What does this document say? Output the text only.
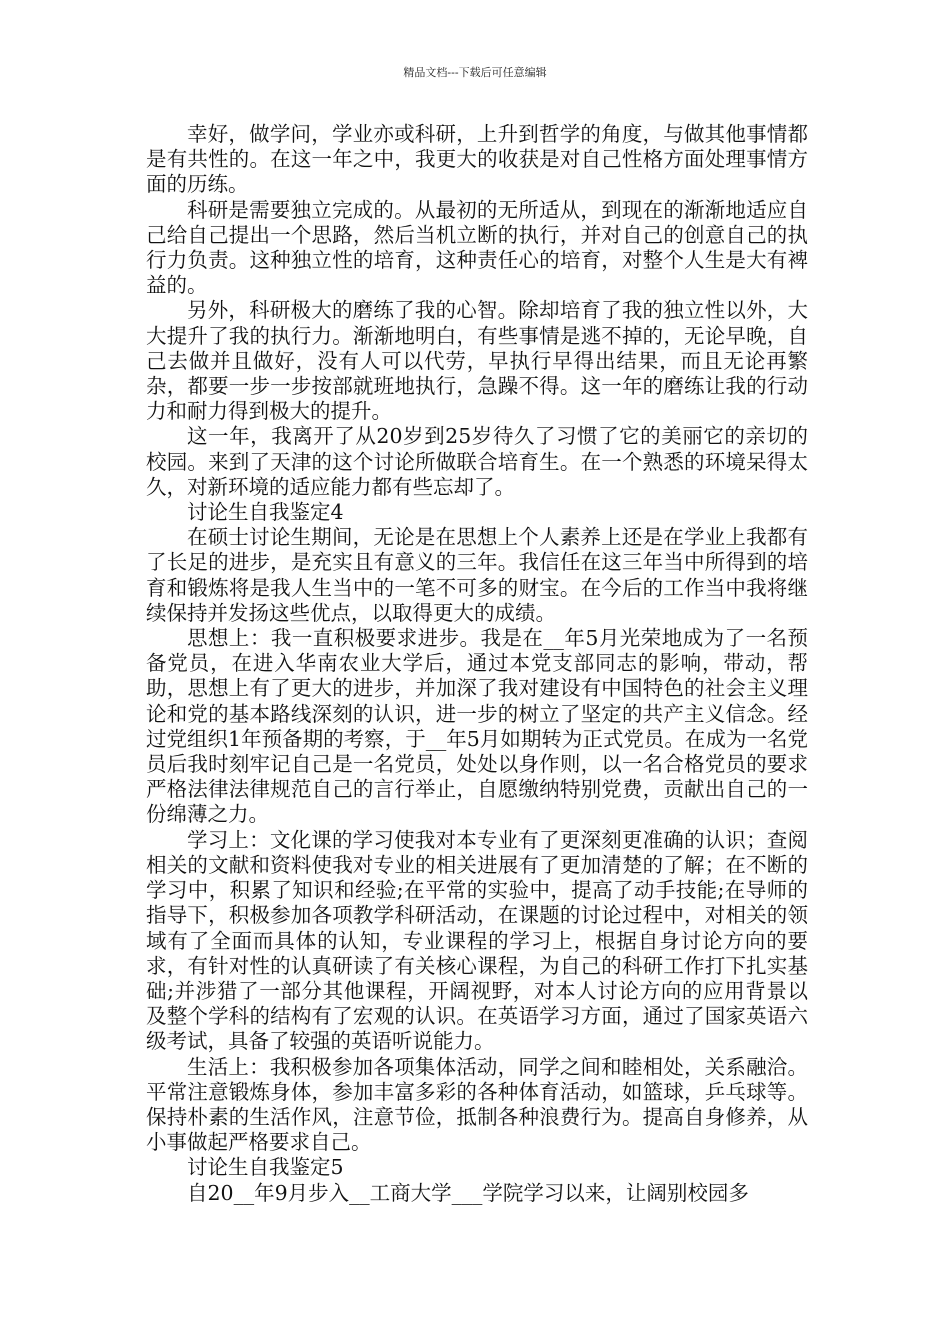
精品文档---下载后可任意编辑

幸好，做学问，学业亦或科研，上升到哲学的角度，与做其他事情都是有共性的。在这一年之中，我更大的收获是对自己性格方面处理事情方面的历练。

科研是需要独立完成的。从最初的无所适从，到现在的渐渐地适应自己给自己提出一个思路，然后当机立断的执行，并对自己的创意自己的执行力负责。这种独立性的培育，这种责任心的培育，对整个人生是大有裨益的。

另外，科研极大的磨练了我的心智。除却培育了我的独立性以外，大大提升了我的执行力。渐渐地明白，有些事情是逃不掉的，无论早晚，自己去做并且做好，没有人可以代劳，早执行早得出结果，而且无论再繁杂，都要一步一步按部就班地执行，急躁不得。这一年的磨练让我的行动力和耐力得到极大的提升。

这一年，我离开了从20岁到25岁待久了习惯了它的美丽它的亲切的校园。来到了天津的这个讨论所做联合培育生。在一个熟悉的环境呆得太久，对新环境的适应能力都有些忘却了。

讨论生自我鉴定4

在硕士讨论生期间，无论是在思想上个人素养上还是在学业上我都有了长足的进步，是充实且有意义的三年。我信任在这三年当中所得到的培育和锻炼将是我人生当中的一笔不可多的财宝。在今后的工作当中我将继续保持并发扬这些优点，以取得更大的成绩。

思想上：我一直积极要求进步。我是在__年5月光荣地成为了一名预备党员，在进入华南农业大学后，通过本党支部同志的影响，带动，帮助，思想上有了更大的进步，并加深了我对建设有中国特色的社会主义理论和党的基本路线深刻的认识，进一步的树立了坚定的共产主义信念。经过党组织1年预备期的考察，于__年5月如期转为正式党员。在成为一名党员后我时刻牢记自己是一名党员，处处以身作则，以一名合格党员的要求严格法律法律规范自己的言行举止，自愿缴纳特别党费，贡献出自己的一份绵薄之力。

学习上：文化课的学习使我对本专业有了更深刻更准确的认识；查阅相关的文献和资料使我对专业的相关进展有了更加清楚的了解；在不断的学习中，积累了知识和经验;在平常的实验中，提高了动手技能;在导师的指导下，积极参加各项教学科研活动，在课题的讨论过程中，对相关的领域有了全面而具体的认知，专业课程的学习上，根据自身讨论方向的要求，有针对性的认真研读了有关核心课程，为自己的科研工作打下扎实基础;并涉猎了一部分其他课程，开阔视野，对本人讨论方向的应用背景以及整个学科的结构有了宏观的认识。在英语学习方面，通过了国家英语六级考试，具备了较强的英语听说能力。

生活上：我积极参加各项集体活动，同学之间和睦相处，关系融洽。平常注意锻炼身体，参加丰富多彩的各种体育活动，如篮球，乒乓球等。保持朴素的生活作风，注意节俭，抵制各种浪费行为。提高自身修养，从小事做起严格要求自己。

讨论生自我鉴定5

自20__年9月步入__工商大学___学院学习以来，让阔别校园多
